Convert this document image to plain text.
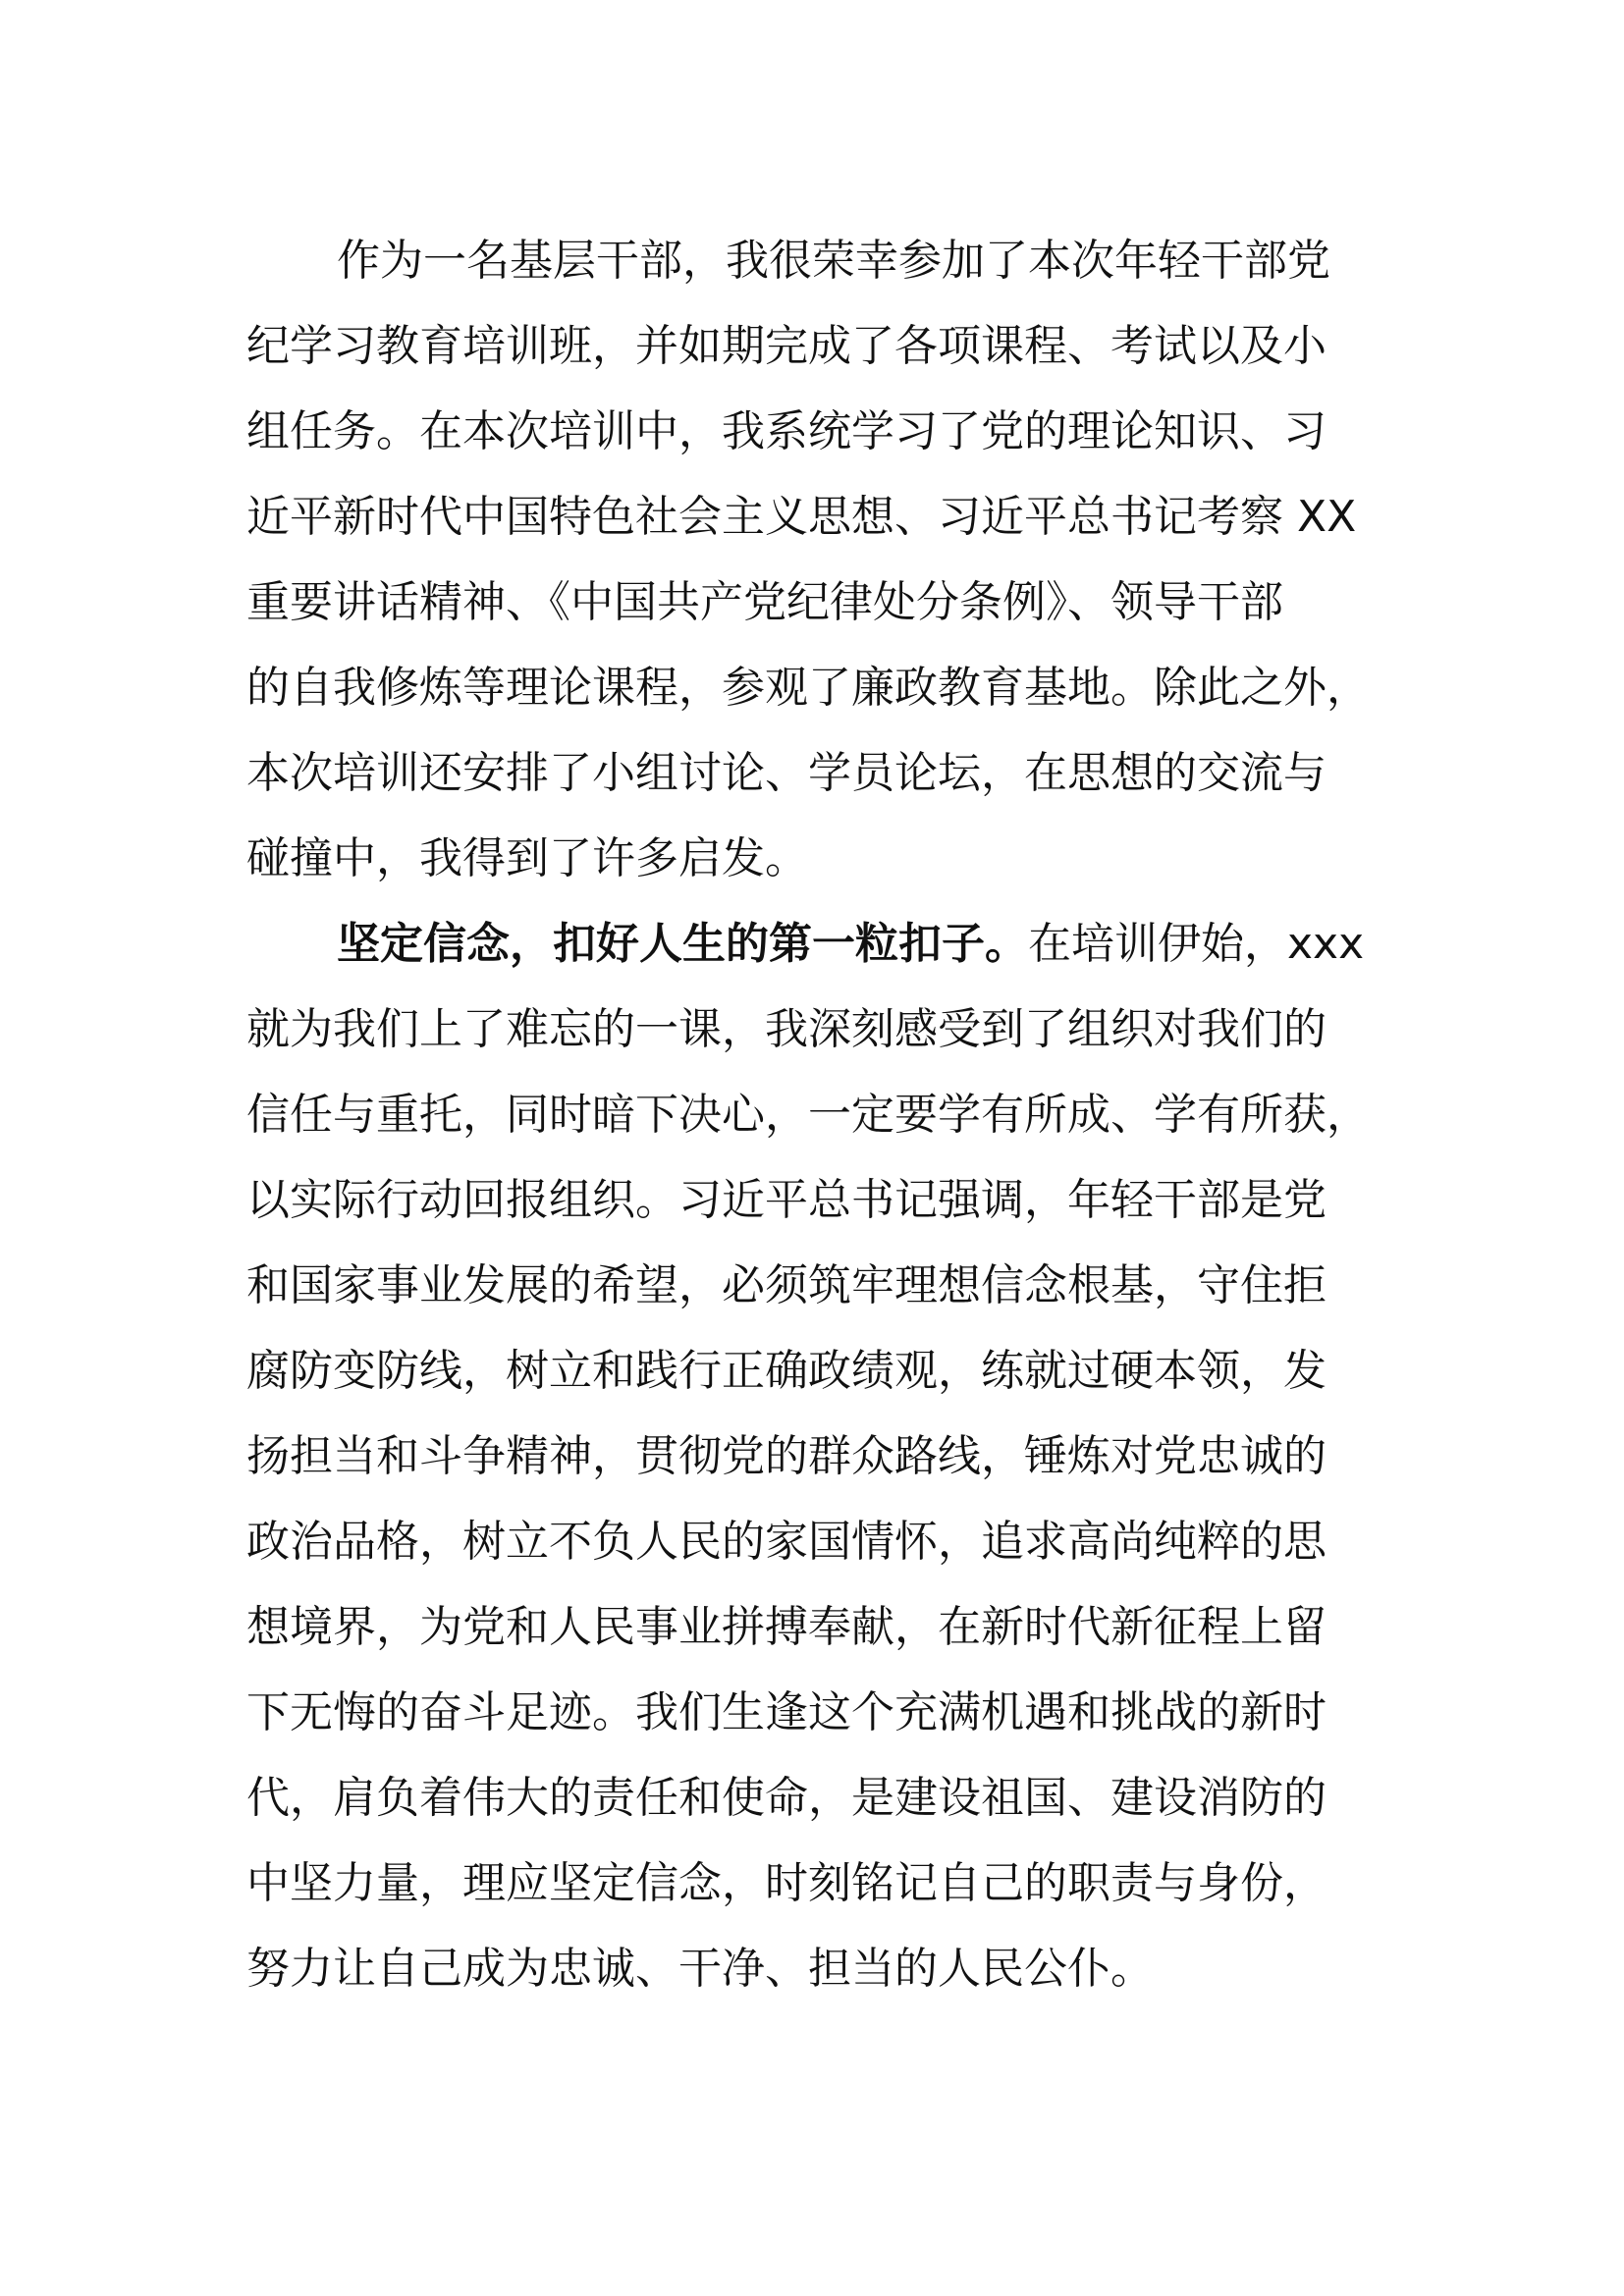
作为一名基层干部，我很荣幸参加了本次年轻干部党
纪学习教育培训班，并如期完成了各项课程、考试以及小
组任务。在本次培训中，我系统学习了党的理论知识、习
近平新时代中国特色社会主义思想、习近平总书记考察 XX
重要讲话精神、《中国共产党纪律处分条例》、领导干部
的自我修炼等理论课程，参观了廉政教育基地。除此之外，
本次培训还安排了小组讨论、学员论坛，在思想的交流与
碰撞中，我得到了许多启发。
坚定信念，扣好人生的第一粒扣子。在培训伊始，xxx
就为我们上了难忘的一课，我深刻感受到了组织对我们的
信任与重托，同时暗下决心，一定要学有所成、学有所获，
以实际行动回报组织。习近平总书记强调，年轻干部是党
和国家事业发展的希望，必须筑牢理想信念根基，守住拒
腐防变防线，树立和践行正确政绩观，练就过硬本领，发
扬担当和斗争精神，贯彻党的群众路线，锤炼对党忠诚的
政治品格，树立不负人民的家国情怀，追求高尚纯粹的思
想境界，为党和人民事业拼搏奉献，在新时代新征程上留
下无悔的奋斗足迹。我们生逢这个充满机遇和挑战的新时
代，肩负着伟大的责任和使命，是建设祖国、建设消防的
中坚力量，理应坚定信念，时刻铭记自己的职责与身份，
努力让自己成为忠诚、干净、担当的人民公仆。
